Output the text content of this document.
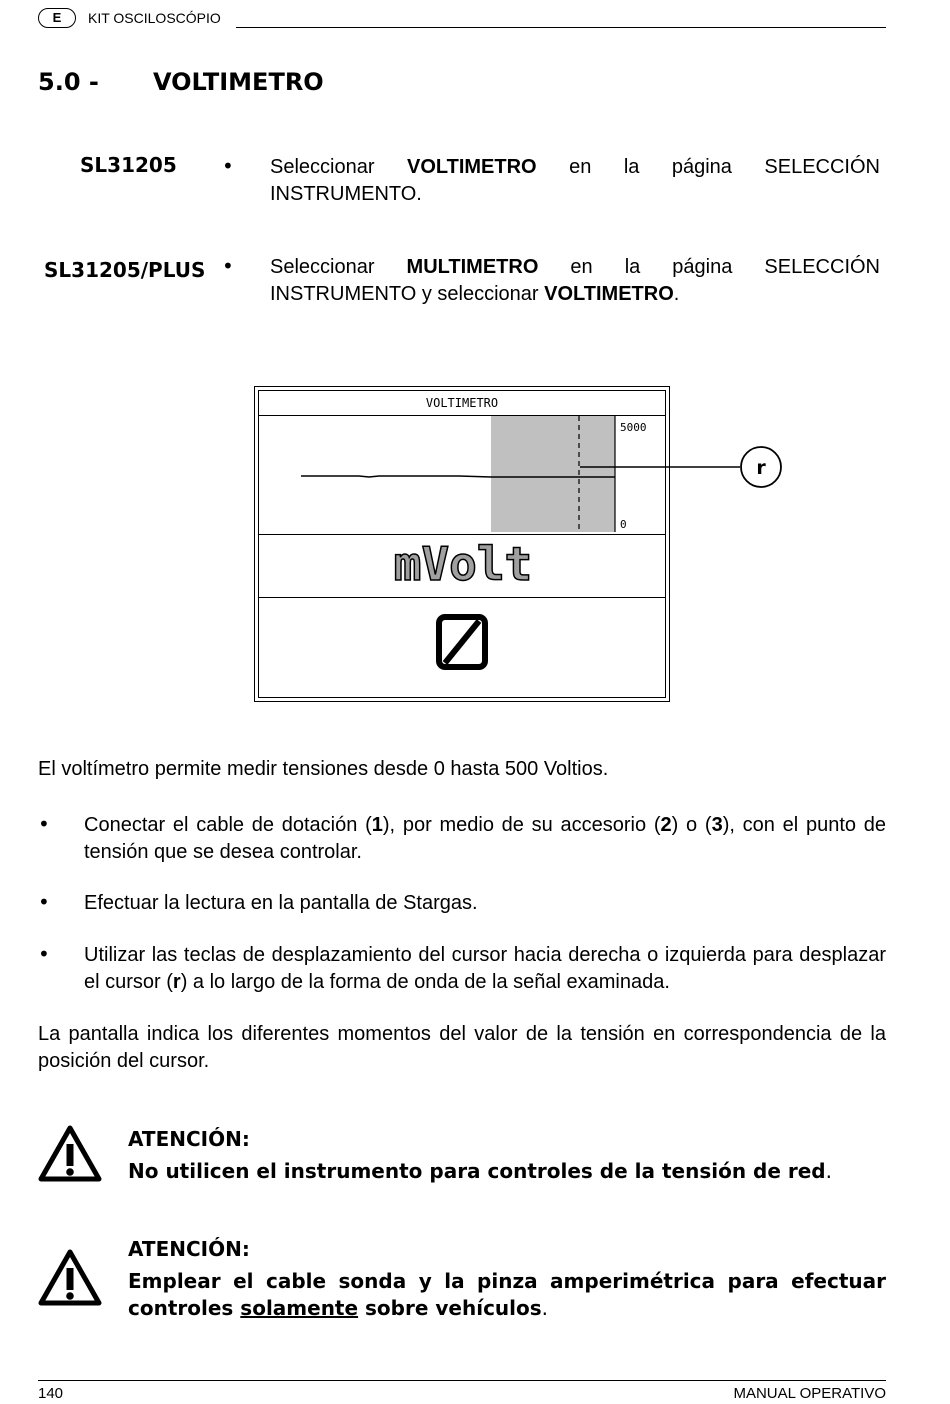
E	KIT OSCILOSCÓPIO
5.0 - VOLTIMETRO
SL31205 • Seleccionar VOLTIMETRO en la página SELECCIÓN INSTRUMENTO.
SL31205/PLUS • Seleccionar MULTIMETRO en la página SELECCIÓN INSTRUMENTO y seleccionar VOLTIMETRO.
VOLTIMETRO
5000
0
mVolt
r
El voltímetro permite medir tensiones desde 0 hasta 500 Voltios.
• Conectar el cable de dotación (1), por medio de su accesorio (2) o (3), con el punto de tensión que se desea controlar.
• Efectuar la lectura en la pantalla de Stargas.
• Utilizar las teclas de desplazamiento del cursor hacia derecha o izquierda para desplazar el cursor (r) a lo largo de la forma de onda de la señal examinada.
La pantalla indica los diferentes momentos del valor de la tensión en correspondencia de la posición del cursor.
ATENCIÓN:
No utilicen el instrumento para controles de la tensión de red.
ATENCIÓN:
Emplear el cable sonda y la pinza amperimétrica para efectuar controles solamente sobre vehículos.
140	MANUAL OPERATIVO
